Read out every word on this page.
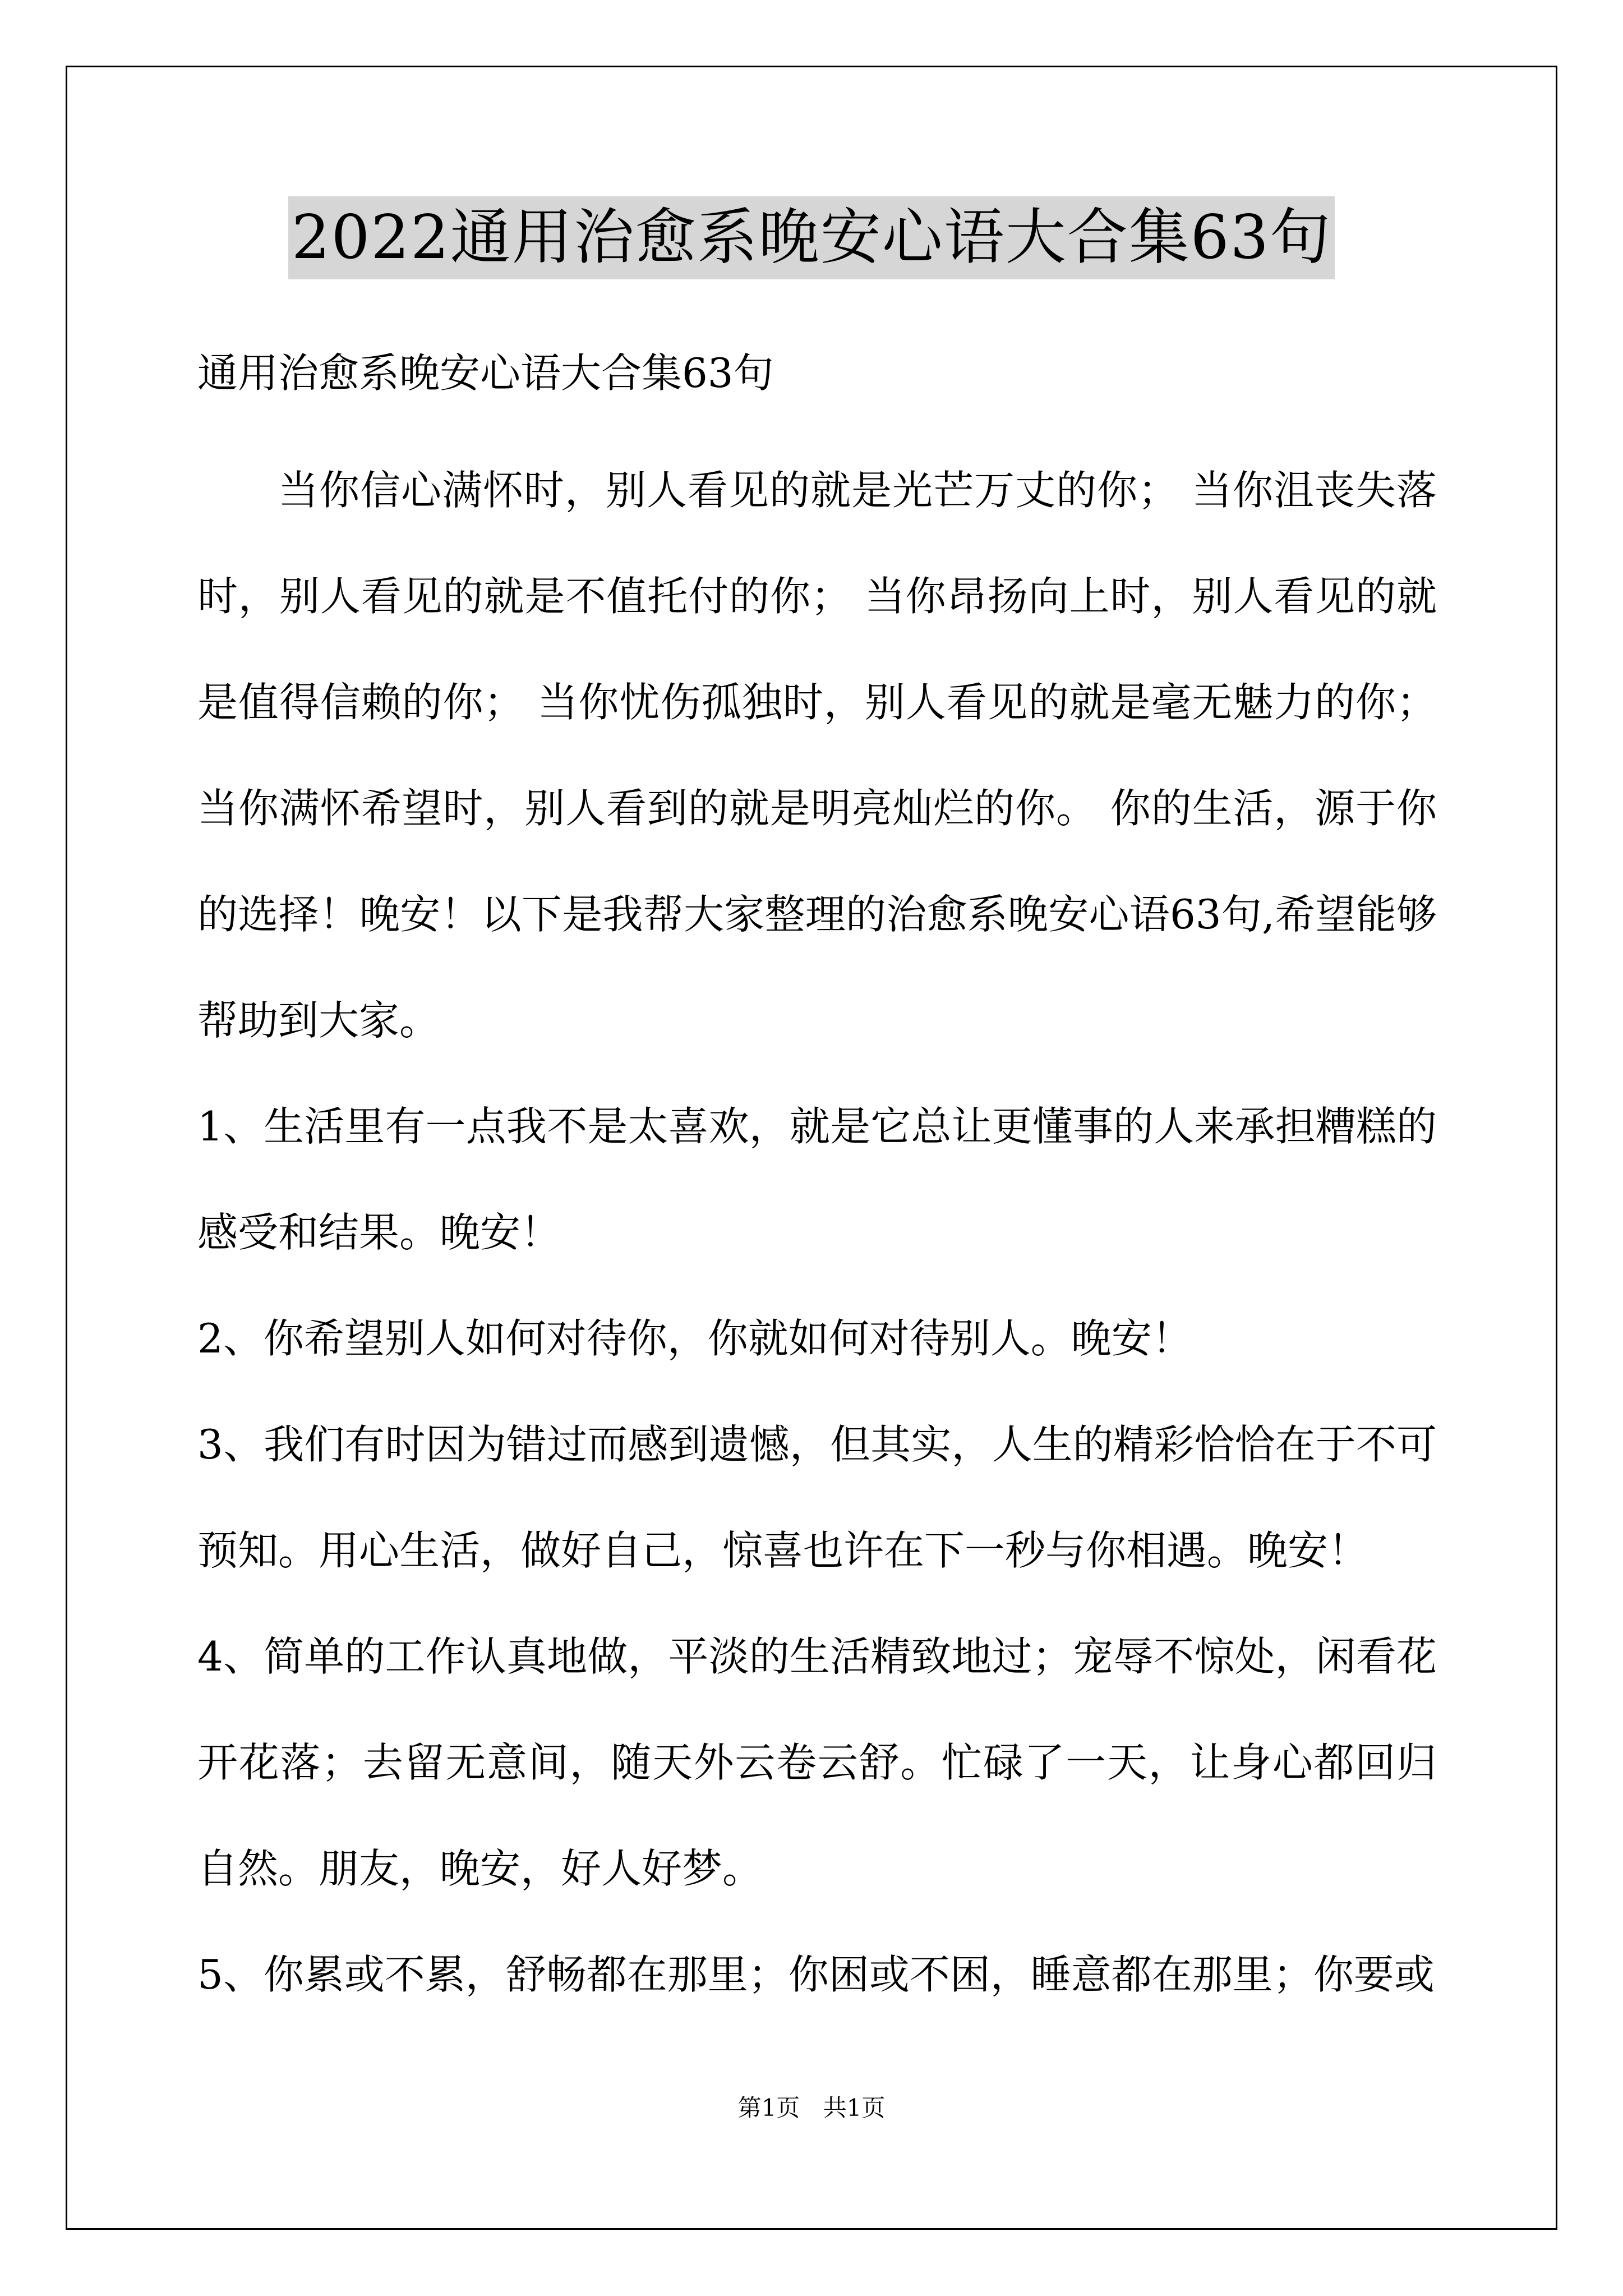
2022通用治愈系晚安心语大合集63句

通用治愈系晚安心语大合集63句

当你信心满怀时，别人看见的就是光芒万丈的你； 当你沮丧失落时，别人看见的就是不值托付的你； 当你昂扬向上时，别人看见的就是值得信赖的你； 当你忧伤孤独时，别人看见的就是毫无魅力的你；当你满怀希望时，别人看到的就是明亮灿烂的你。 你的生活，源于你的选择！晚安！以下是我帮大家整理的治愈系晚安心语63句,希望能够帮助到大家。

1、生活里有一点我不是太喜欢，就是它总让更懂事的人来承担糟糕的感受和结果。晚安！

2、你希望别人如何对待你，你就如何对待别人。晚安！

3、我们有时因为错过而感到遗憾，但其实，人生的精彩恰恰在于不可预知。用心生活，做好自己，惊喜也许在下一秒与你相遇。晚安！

4、简单的工作认真地做，平淡的生活精致地过；宠辱不惊处，闲看花开花落；去留无意间，随天外云卷云舒。忙碌了一天，让身心都回归自然。朋友，晚安，好人好梦。

5、你累或不累，舒畅都在那里；你困或不困，睡意都在那里；你要或

第1页 共1页
